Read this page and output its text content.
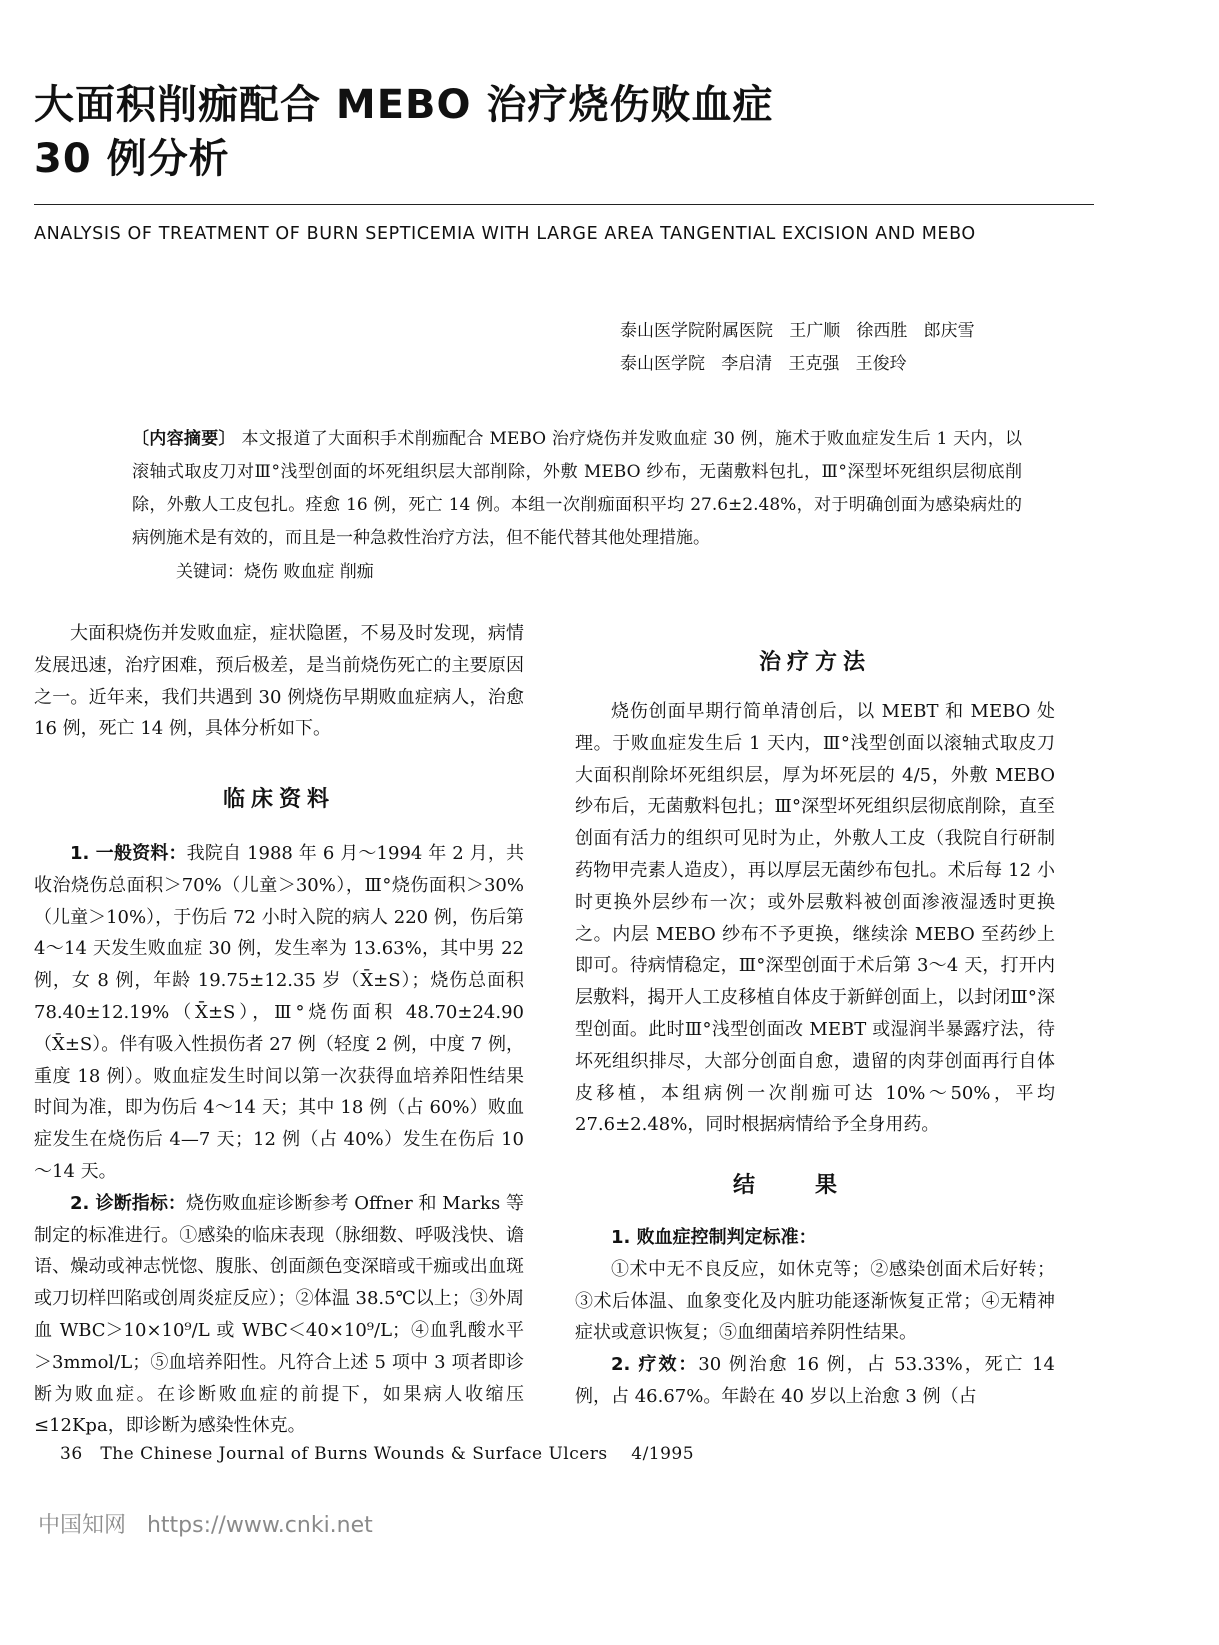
大面积削痂配合 MEBO 治疗烧伤败血症
30 例分析

ANALYSIS OF TREATMENT OF BURN SEPTICEMIA WITH LARGE AREA TANGENTIAL EXCISION AND MEBO

泰山医学院附属医院   王广顺   徐西胜   郎庆雪
泰山医学院   李启清   王克强   王俊玲
〔内容摘要〕 本文报道了大面积手术削痂配合 MEBO 治疗烧伤并发败血症 30 例，施术于败血症发生后 1 天内，以滚轴式取皮刀对Ⅲ°浅型创面的坏死组织层大部削除，外敷 MEBO 纱布，无菌敷料包扎，Ⅲ°深型坏死组织层彻底削除，外敷人工皮包扎。痊愈 16 例，死亡 14 例。本组一次削痂面积平均 27.6±2.48%，对于明确创面为感染病灶的病例施术是有效的，而且是一种急救性治疗方法，但不能代替其他处理措施。
关键词：烧伤 败血症 削痂

大面积烧伤并发败血症，症状隐匿，不易及时发现，病情发展迅速，治疗困难，预后极差，是当前烧伤死亡的主要原因之一。近年来，我们共遇到 30 例烧伤早期败血症病人，治愈 16 例，死亡 14 例，具体分析如下。

临床资料

1. 一般资料：我院自 1988 年 6 月～1994 年 2 月，共收治烧伤总面积＞70%（儿童＞30%），Ⅲ°烧伤面积＞30%（儿童＞10%），于伤后 72 小时入院的病人 220 例，伤后第 4～14 天发生败血症 30 例，发生率为 13.63%，其中男 22 例，女 8 例，年龄 19.75±12.35 岁（X̄±S）；烧伤总面积 78.40±12.19%（X̄±S），Ⅲ°烧伤面积 48.70±24.90（X̄±S）。伴有吸入性损伤者 27 例（轻度 2 例，中度 7 例，重度 18 例）。败血症发生时间以第一次获得血培养阳性结果时间为准，即为伤后 4～14 天；其中 18 例（占 60%）败血症发生在烧伤后 4—7 天；12 例（占 40%）发生在伤后 10～14 天。

2. 诊断指标：烧伤败血症诊断参考 Offner 和 Marks 等制定的标准进行。①感染的临床表现（脉细数、呼吸浅快、谵语、燥动或神志恍惚、腹胀、创面颜色变深暗或干痂或出血斑或刀切样凹陷或创周炎症反应）；②体温 38.5℃以上；③外周血 WBC＞10×10⁹/L 或 WBC＜40×10⁹/L；④血乳酸水平＞3mmol/L；⑤血培养阳性。凡符合上述 5 项中 3 项者即诊断为败血症。在诊断败血症的前提下，如果病人收缩压≤12Kpa，即诊断为感染性休克。

治疗方法

烧伤创面早期行简单清创后，以 MEBT 和 MEBO 处理。于败血症发生后 1 天内，Ⅲ°浅型创面以滚轴式取皮刀大面积削除坏死组织层，厚为坏死层的 4/5，外敷 MEBO 纱布后，无菌敷料包扎；Ⅲ°深型坏死组织层彻底削除，直至创面有活力的组织可见时为止，外敷人工皮（我院自行研制药物甲壳素人造皮），再以厚层无菌纱布包扎。术后每 12 小时更换外层纱布一次；或外层敷料被创面渗液湿透时更换之。内层 MEBO 纱布不予更换，继续涂 MEBO 至药纱上即可。待病情稳定，Ⅲ°深型创面于术后第 3～4 天，打开内层敷料，揭开人工皮移植自体皮于新鲜创面上，以封闭Ⅲ°深型创面。此时Ⅲ°浅型创面改 MEBT 或湿润半暴露疗法，待坏死组织排尽，大部分创面自愈，遗留的肉芽创面再行自体皮移植，本组病例一次削痂可达 10%～50%，平均 27.6±2.48%，同时根据病情给予全身用药。

结果

1. 败血症控制判定标准：

①术中无不良反应，如休克等；②感染创面术后好转；③术后体温、血象变化及内脏功能逐渐恢复正常；④无精神症状或意识恢复；⑤血细菌培养阴性结果。

2. 疗效：30 例治愈 16 例，占 53.33%，死亡 14 例，占 46.67%。年龄在 40 岁以上治愈 3 例（占

36   The Chinese Journal of Burns Wounds & Surface Ulcers    4/1995
中国知网   https://www.cnki.net
